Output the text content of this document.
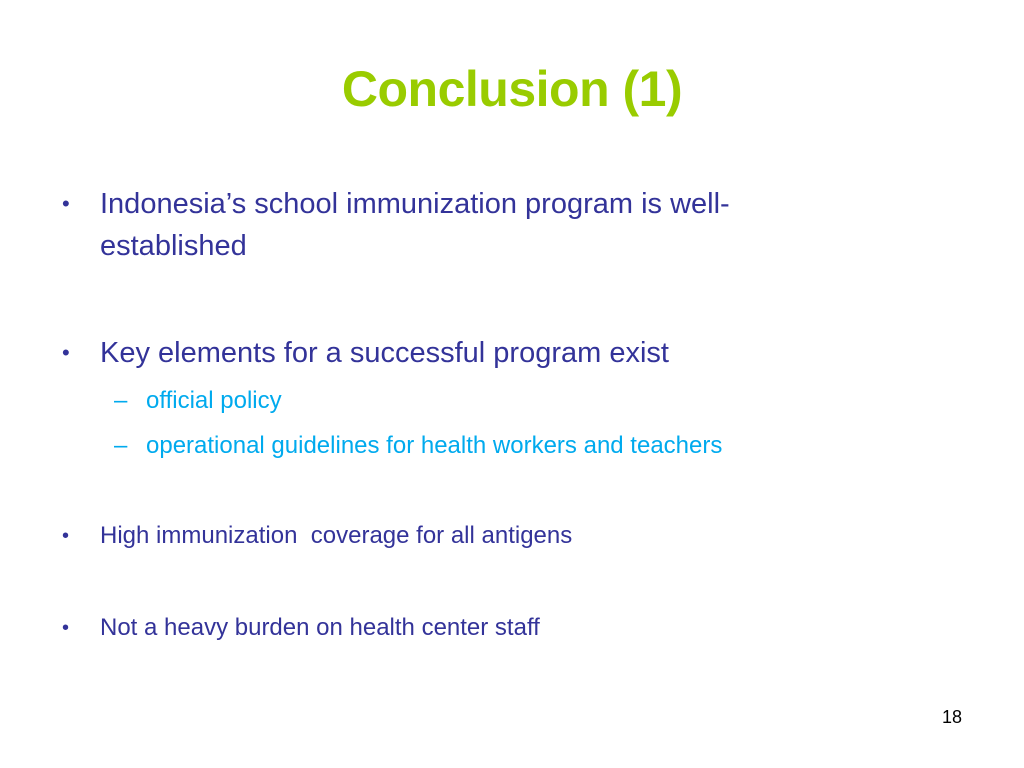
Conclusion (1)
• Indonesia’s school immunization program is well-
established
• Key elements for a successful program exist
– official policy
– operational guidelines for health workers and teachers
• High immunization  coverage for all antigens
• Not a heavy burden on health center staff
18
